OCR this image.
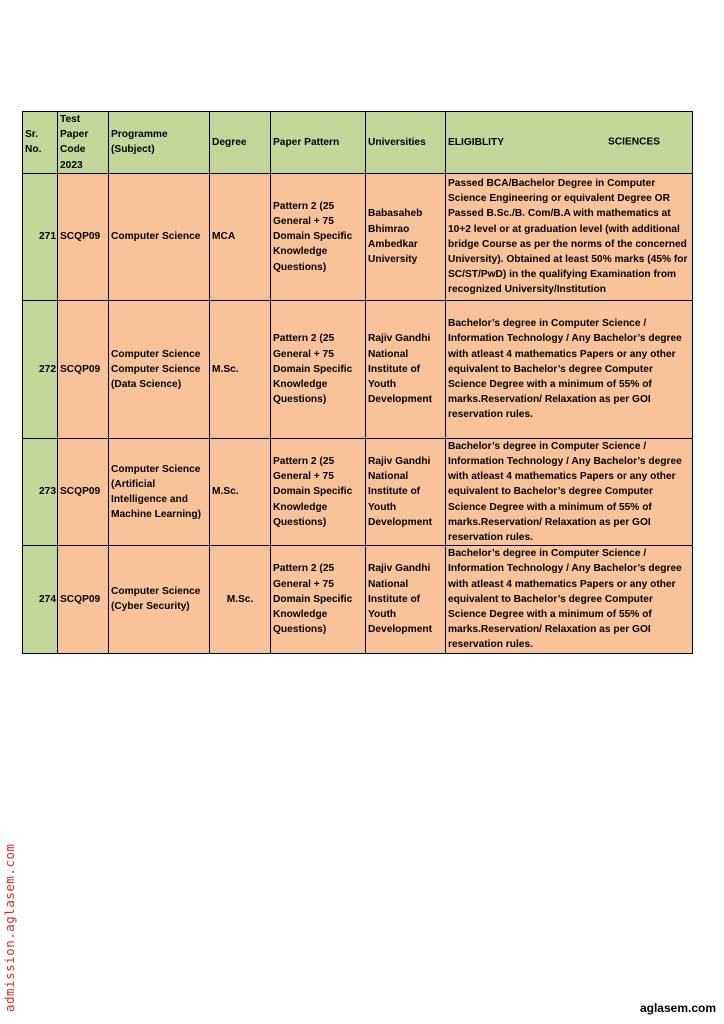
Sr. No.	Test Paper Code 2023	Programme (Subject)	Degree	Paper Pattern	Universities	ELIGIBLITY SCIENCES

271	SCQP09	Computer Science	MCA	Pattern 2 (25 General + 75 Domain Specific Knowledge Questions)	Babasaheb Bhimrao Ambedkar University	Passed BCA/Bachelor Degree in Computer Science Engineering or equivalent Degree OR Passed B.Sc./B. Com/B.A with mathematics at 10+2 level or at graduation level (with additional bridge Course as per the norms of the concerned University). Obtained at least 50% marks (45% for SC/ST/PwD) in the qualifying Examination from recognized University/Institution
272	SCQP09	Computer Science Computer Science (Data Science)	M.Sc.	Pattern 2 (25 General + 75 Domain Specific Knowledge Questions)	Rajiv Gandhi National Institute of Youth Development	Bachelor’s degree in Computer Science / Information Technology / Any Bachelor’s degree with atleast 4 mathematics Papers or any other equivalent to Bachelor’s degree Computer Science Degree with a minimum of 55% of marks.Reservation/ Relaxation as per GOI reservation rules.
273	SCQP09	Computer Science (Artificial Intelligence and Machine Learning)	M.Sc.	Pattern 2 (25 General + 75 Domain Specific Knowledge Questions)	Rajiv Gandhi National Institute of Youth Development	Bachelor’s degree in Computer Science / Information Technology / Any Bachelor’s degree with atleast 4 mathematics Papers or any other equivalent to Bachelor’s degree Computer Science Degree with a minimum of 55% of marks.Reservation/ Relaxation as per GOI reservation rules.
274	SCQP09	Computer Science (Cyber Security)	M.Sc.	Pattern 2 (25 General + 75 Domain Specific Knowledge Questions)	Rajiv Gandhi National Institute of Youth Development	Bachelor’s degree in Computer Science / Information Technology / Any Bachelor’s degree with atleast 4 mathematics Papers or any other equivalent to Bachelor’s degree Computer Science Degree with a minimum of 55% of marks.Reservation/ Relaxation as per GOI reservation rules.
admission.aglasem.com	aglasem.com
